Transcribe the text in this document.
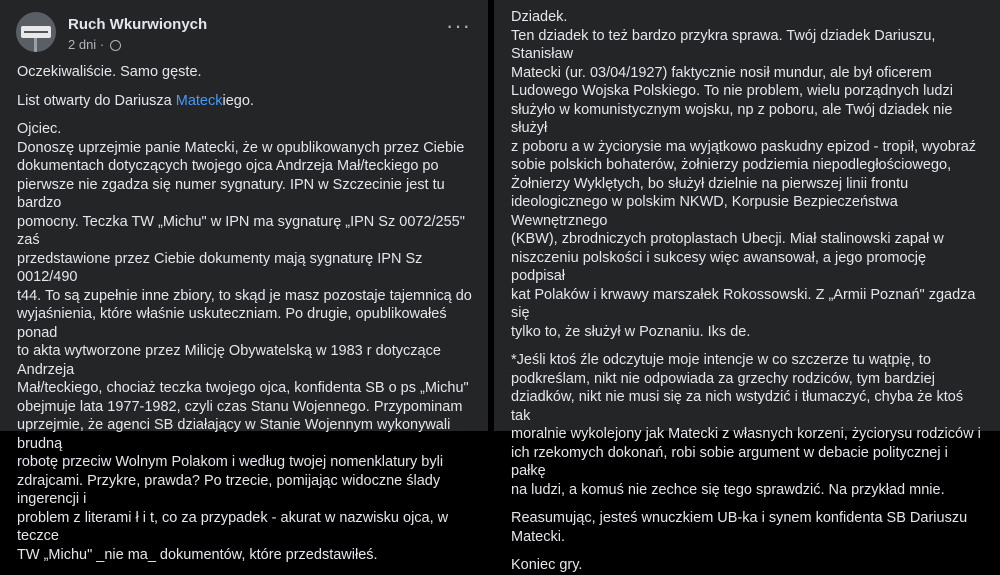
Ruch Wkurwionych
2 dni ·
···

Oczekiwaliście. Samo gęste.

List otwarty do Dariusza Mateckiego.

Ojciec.
Donoszę uprzejmie panie Matecki, że w opublikowanych przez Ciebie
dokumentach dotyczących twojego ojca Andrzeja Mał/teckiego po
pierwsze nie zgadza się numer sygnatury. IPN w Szczecinie jest tu bardzo
pomocny. Teczka TW „Michu" w IPN ma sygnaturę „IPN Sz 0072/255" zaś
przedstawione przez Ciebie dokumenty mają sygnaturę IPN Sz 0012/490
t44. To są zupełnie inne zbiory, to skąd je masz pozostaje tajemnicą do
wyjaśnienia, które właśnie uskuteczniam. Po drugie, opublikowałeś ponad
to akta wytworzone przez Milicję Obywatelską w 1983 r dotyczące Andrzeja
Mał/teckiego, chociaż teczka twojego ojca, konfidenta SB o ps „Michu"
obejmuje lata 1977-1982, czyli czas Stanu Wojennego. Przypominam
uprzejmie, że agenci SB działający w Stanie Wojennym wykonywali brudną
robotę przeciw Wolnym Polakom i według twojej nomenklatury byli
zdrajcami. Przykre, prawda? Po trzecie, pomijając widoczne ślady ingerencji i
problem z literami ł i t, co za przypadek - akurat w nazwisku ojca, w teczce
TW „Michu" _nie ma_ dokumentów, które przedstawiłeś.

Dziadek.
Ten dziadek to też bardzo przykra sprawa. Twój dziadek Dariuszu, Stanisław
Matecki (ur. 03/04/1927) faktycznie nosił mundur, ale był oficerem
Ludowego Wojska Polskiego. To nie problem, wielu porządnych ludzi
służyło w komunistycznym wojsku, np z poboru, ale Twój dziadek nie służył
z poboru a w życiorysie ma wyjątkowo paskudny epizod - tropił, wyobraź
sobie polskich bohaterów, żołnierzy podziemia niepodległościowego,
Żołnierzy Wyklętych, bo służył dzielnie na pierwszej linii frontu
ideologicznego w polskim NKWD, Korpusie Bezpieczeństwa Wewnętrznego
(KBW), zbrodniczych protoplastach Ubecji. Miał stalinowski zapał w
niszczeniu polskości i sukcesy więc awansował, a jego promocję podpisał
kat Polaków i krwawy marszałek Rokossowski. Z „Armii Poznań" zgadza się
tylko to, że służył w Poznaniu. Iks de.

*Jeśli ktoś źle odczytuje moje intencje w co szczerze tu wątpię, to
podkreślam, nikt nie odpowiada za grzechy rodziców, tym bardziej
dziadków, nikt nie musi się za nich wstydzić i tłumaczyć, chyba że ktoś tak
moralnie wykolejony jak Matecki z własnych korzeni, życiorysu rodziców i
ich rzekomych dokonań, robi sobie argument w debacie politycznej i pałkę
na ludzi, a komuś nie zechce się tego sprawdzić. Na przykład mnie.

Reasumując, jesteś wnuczkiem UB-ka i synem konfidenta SB Dariuszu
Matecki.

Koniec gry.
